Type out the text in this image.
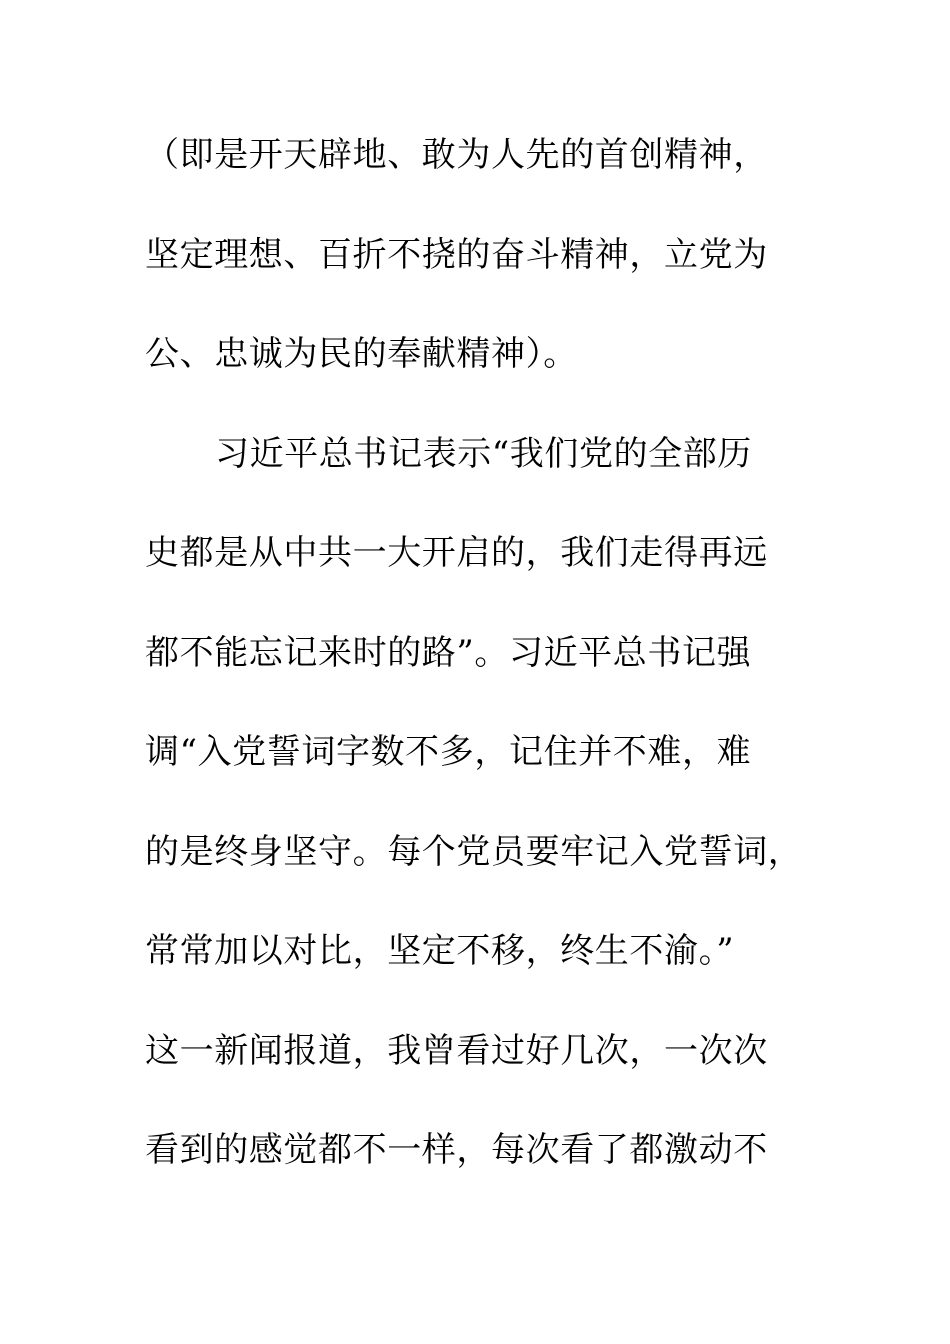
（即是开天辟地、敢为人先的首创精神，
坚定理想、百折不挠的奋斗精神，立党为
公、忠诚为民的奉献精神）。
习近平总书记表示“我们党的全部历
史都是从中共一大开启的，我们走得再远
都不能忘记来时的路”。习近平总书记强
调“入党誓词字数不多，记住并不难，难
的是终身坚守。每个党员要牢记入党誓词，
常常加以对比，坚定不移，终生不渝。”
这一新闻报道，我曾看过好几次，一次次
看到的感觉都不一样，每次看了都激动不
